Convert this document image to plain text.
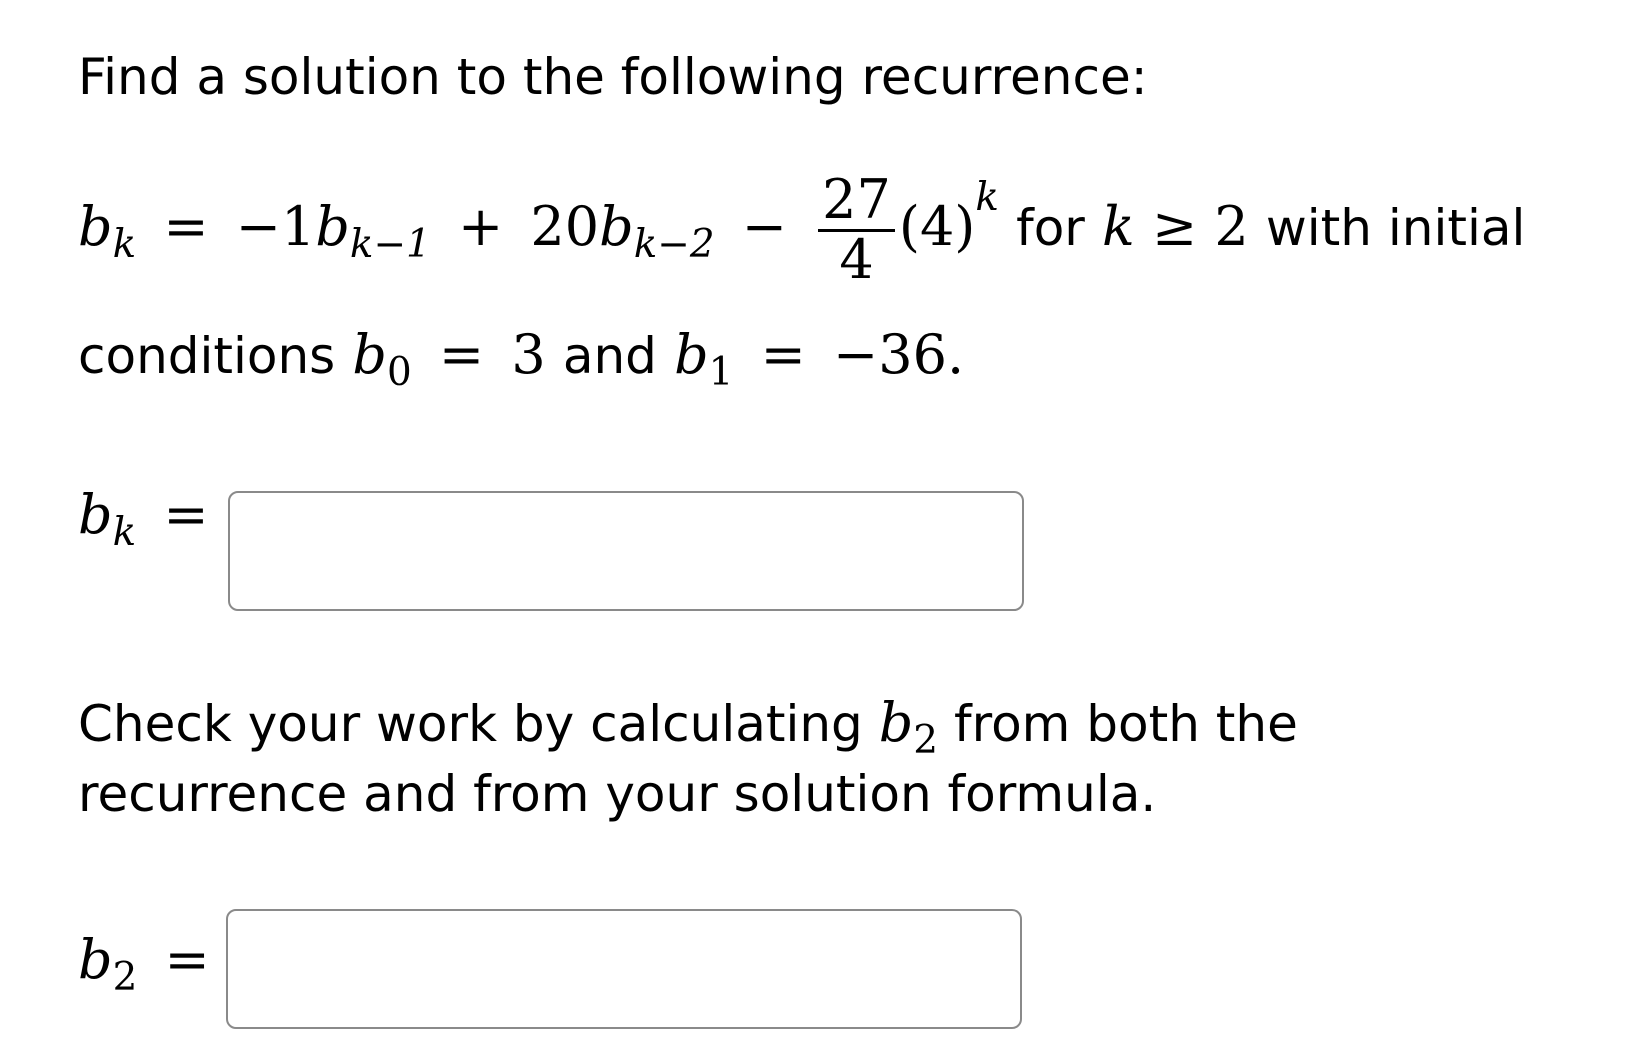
Find a solution to the following recurrence:
$b_k = -1b_{k-1} + 20b_{k-2} - \frac{27}{4} (4)^k$ for k ≥ 2 with initial
conditions $b_0 = 3$ and $b_1 = -36$.
$b_k$ =
Check your work by calculating $b_2$ from both the
recurrence and from your solution formula.
$b_2$ =
